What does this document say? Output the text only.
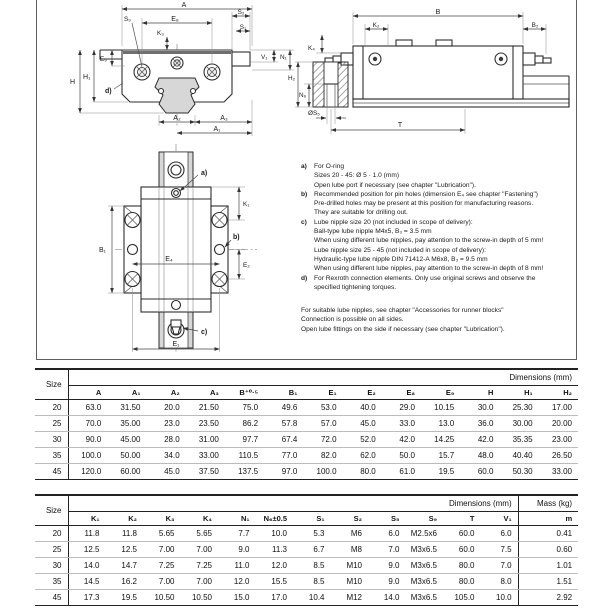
A
E₈
S₂
S₁
S₉
K₃
V₁ N₁
E₉
H
H₁
d)
A₂	A₃
A₁
B
K₂	B₂
K₄
H₂
N₆
ØS₅
T
a)
b)
c)
K₁
E₂
B₁
E₄
E₁
a)	For O-ring
Sizes 20 - 45: Ø 5 · 1.0 (mm)
Open lube port if necessary (see chapter "Lubrication").
b)	Recommended position for pin holes (dimension E₄ see chapter "Fastening")
Pre-drilled holes may be present at this position for manufacturing reasons.
They are suitable for drilling out.
c)	Lube nipple size 20 (not included in scope of delivery):
Ball-type lube nipple M4x5, B₃ = 3.5 mm
When using different lube nipples, pay attention to the screw-in depth of 5 mm!
Lube nipple size 25 - 45 (not included in scope of delivery):
Hydraulic-type lube nipple DIN 71412-A M6x8, B₃ = 9.5 mm
When using different lube nipples, pay attention to the screw-in depth of 8 mm!
d)	For Rexroth connection elements. Only use original screws and observe the
specified tightening torques.
For suitable lube nipples, see chapter "Accessories for runner blocks"
Connection is possible on all sides.
Open lube fittings on the side if necessary (see chapter "Lubrication").
Size	Dimensions (mm)												
	A	A₁	A₂	A₃	B⁺⁰·⁵	B₁	E₁	E₂	E₈	E₉	H	H₁	H₂
20	63.0	31.50	20.0	21.50	75.0	49.6	53.0	40.0	29.0	10.15	30.0	25.30	17.00
25	70.0	35.00	23.0	23.50	86.2	57.8	57.0	45.0	33.0	13.0	36.0	30.00	20.00
30	90.0	45.00	28.0	31.00	97.7	67.4	72.0	52.0	42.0	14.25	42.0	35.35	23.00
35	100.0	50.00	34.0	33.00	110.5	77.0	82.0	62.0	50.0	15.7	48.0	40.40	26.50
45	120.0	60.00	45.0	37.50	137.5	97.0	100.0	80.0	61.0	19.5	60.0	50.30	33.00
Size	Dimensions (mm)												Mass (kg)
	K₁	K₂	K₃	K₄	N₁	N₆±0.5	S₁	S₂	S₅	S₉	T	V₁	m
20	11.8	11.8	5.65	5.65	7.7	10.0	5.3	M6	6.0	M2.5x6	60.0	6.0	0.41
25	12.5	12.5	7.00	7.00	9.0	11.3	6.7	M8	7.0	M3x6.5	60.0	7.5	0.60
30	14.0	14.7	7.25	7.25	11.0	12.0	8.5	M10	9.0	M3x6.5	80.0	7.0	1.01
35	14.5	16.2	7.00	7.00	12.0	15.5	8.5	M10	9.0	M3x6.5	80.0	8.0	1.51
45	17.3	19.5	10.50	10.50	15.0	17.0	10.4	M12	14.0	M3x6.5	105.0	10.0	2.92
